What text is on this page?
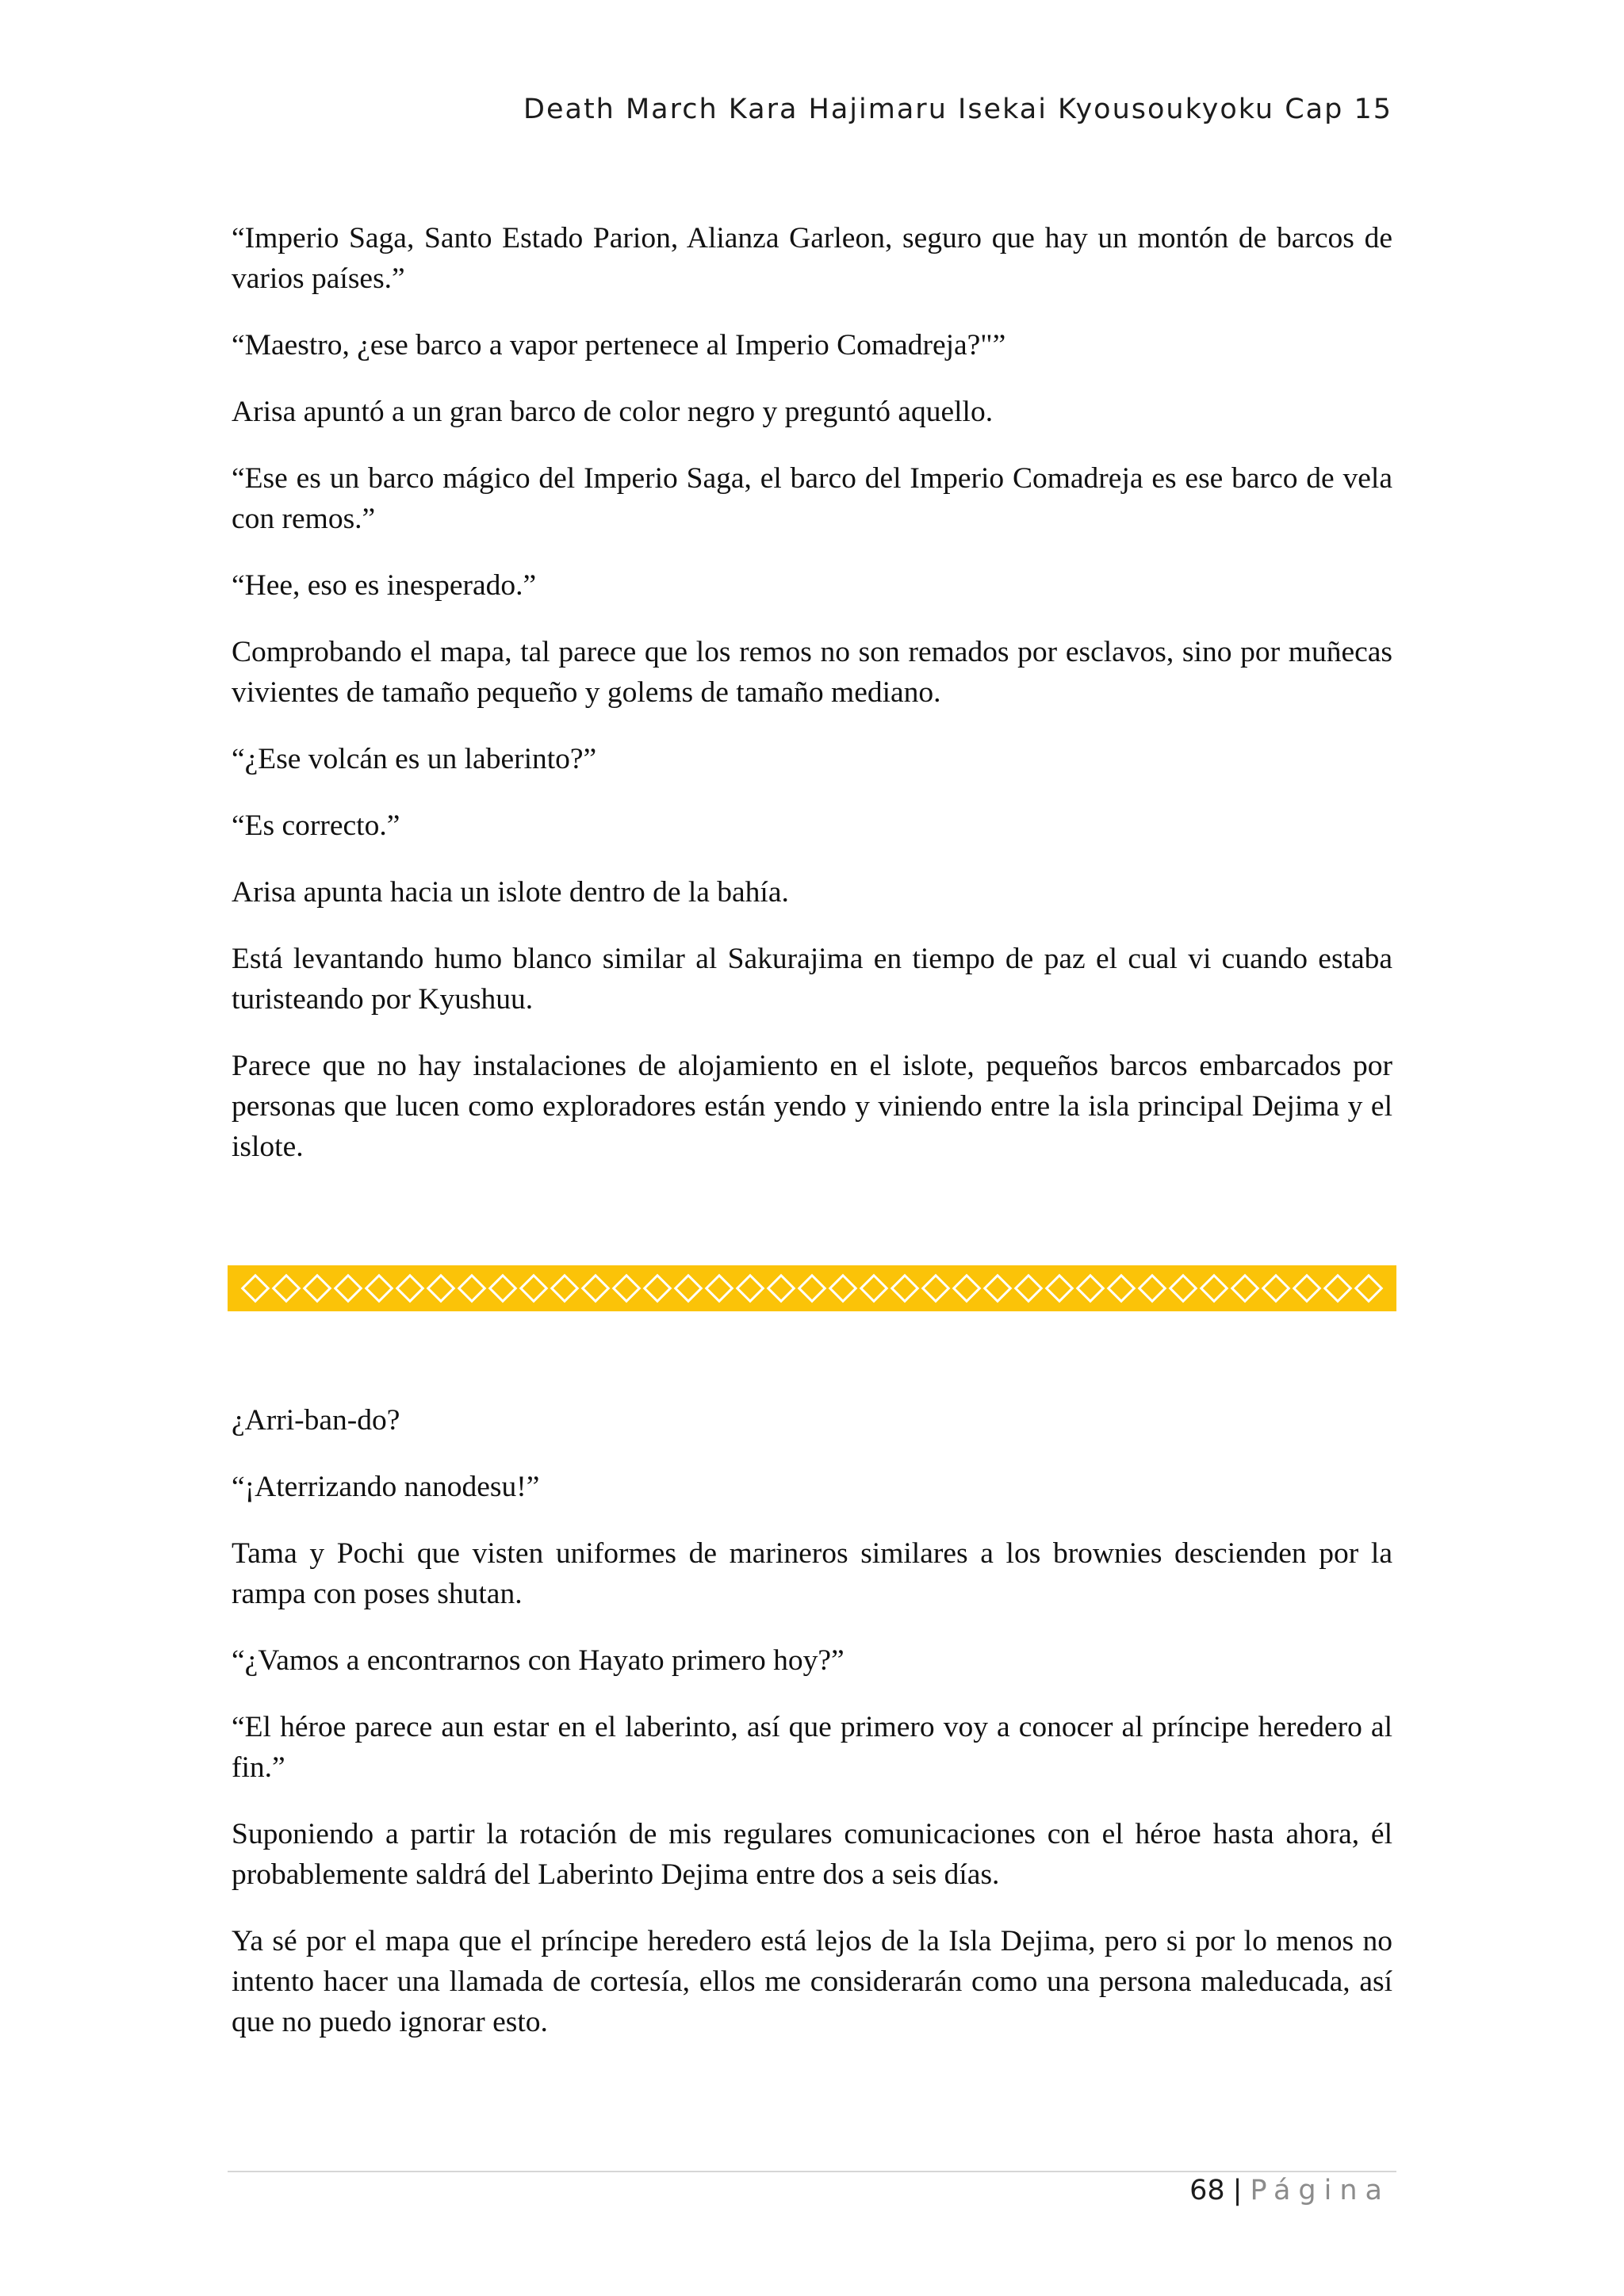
Death March Kara Hajimaru Isekai Kyousoukyoku Cap 15

“Imperio Saga, Santo Estado Parion, Alianza Garleon, seguro que hay un montón de barcos de varios países.”

“Maestro, ¿ese barco a vapor pertenece al Imperio Comadreja?"”

Arisa apuntó a un gran barco de color negro y preguntó aquello.

“Ese es un barco mágico del Imperio Saga, el barco del Imperio Comadreja es ese barco de vela con remos.”

“Hee, eso es inesperado.”

Comprobando el mapa, tal parece que los remos no son remados por esclavos, sino por muñecas vivientes de tamaño pequeño y golems de tamaño mediano.

“¿Ese volcán es un laberinto?”

“Es correcto.”

Arisa apunta hacia un islote dentro de la bahía.

Está levantando humo blanco similar al Sakurajima en tiempo de paz el cual vi cuando estaba turisteando por Kyushuu.

Parece que no hay instalaciones de alojamiento en el islote, pequeños barcos embarcados por personas que lucen como exploradores están yendo y viniendo entre la isla principal Dejima y el islote.

¿Arri-ban-do?

“¡Aterrizando nanodesu!”

Tama y Pochi que visten uniformes de marineros similares a los brownies descienden por la rampa con poses shutan.

“¿Vamos a encontrarnos con Hayato primero hoy?”

“El héroe parece aun estar en el laberinto, así que primero voy a conocer al príncipe heredero al fin.”

Suponiendo a partir la rotación de mis regulares comunicaciones con el héroe hasta ahora, él probablemente saldrá del Laberinto Dejima entre dos a seis días.

Ya sé por el mapa que el príncipe heredero está lejos de la Isla Dejima, pero si por lo menos no intento hacer una llamada de cortesía, ellos me considerarán como una persona maleducada, así que no puedo ignorar esto.

68 | Página
